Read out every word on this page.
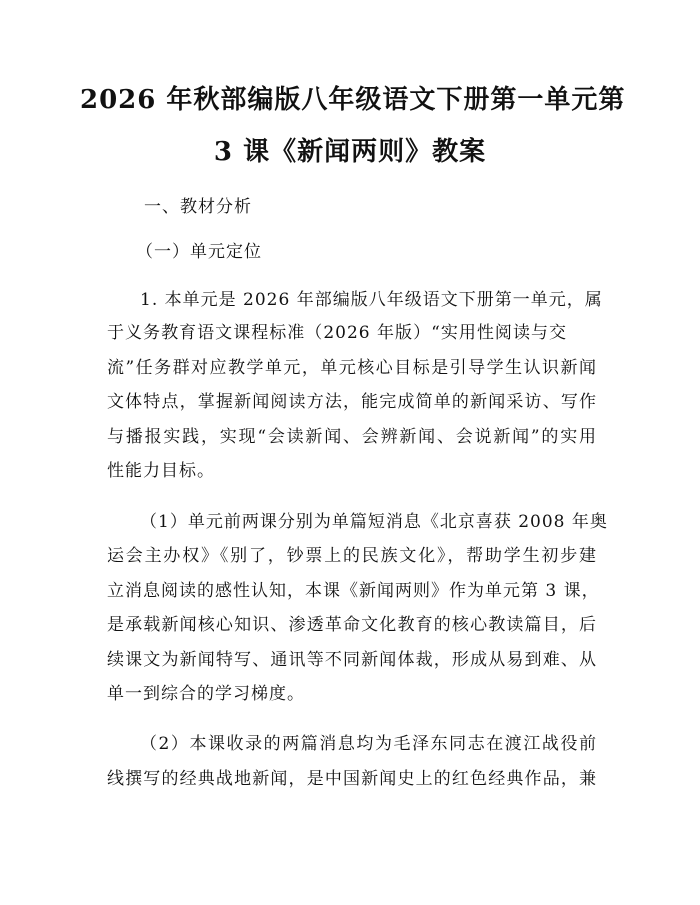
2026 年秋部编版八年级语文下册第一单元第
3 课《新闻两则》教案
一、教材分析
（一）单元定位
1. 本单元是 2026 年部编版八年级语文下册第一单元，属
于义务教育语文课程标准（2026 年版）“实用性阅读与交
流”任务群对应教学单元，单元核心目标是引导学生认识新闻
文体特点，掌握新闻阅读方法，能完成简单的新闻采访、写作
与播报实践，实现“会读新闻、会辨新闻、会说新闻”的实用
性能力目标。
（1）单元前两课分别为单篇短消息《北京喜获 2008 年奥
运会主办权》《别了，钞票上的民族文化》，帮助学生初步建
立消息阅读的感性认知，本课《新闻两则》作为单元第 3 课，
是承载新闻核心知识、渗透革命文化教育的核心教读篇目，后
续课文为新闻特写、通讯等不同新闻体裁，形成从易到难、从
单一到综合的学习梯度。
（2）本课收录的两篇消息均为毛泽东同志在渡江战役前
线撰写的经典战地新闻，是中国新闻史上的红色经典作品，兼
